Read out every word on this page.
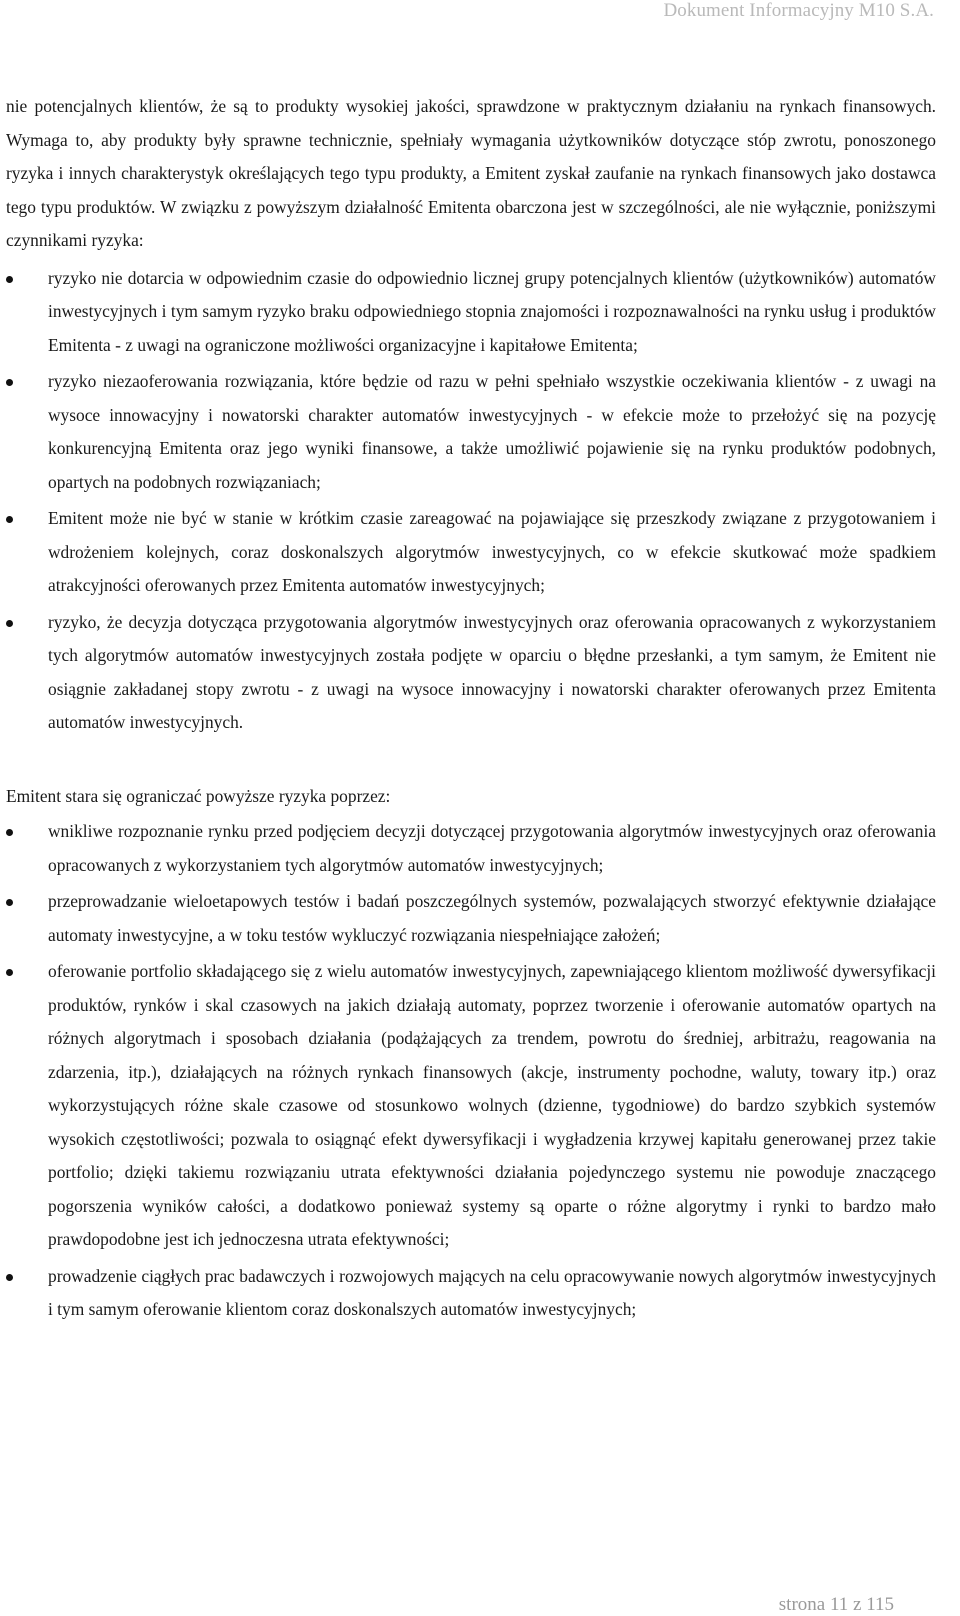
Dokument Informacyjny M10 S.A.

nie potencjalnych klientów, że są to produkty wysokiej jakości, sprawdzone w praktycznym działaniu na rynkach finansowych. Wymaga to, aby produkty były sprawne technicznie, spełniały wymagania użytkowników dotyczące stóp zwrotu, ponoszonego ryzyka i innych charakterystyk określających tego typu produkty, a Emitent zyskał zaufanie na rynkach finansowych jako dostawca tego typu produktów. W związku z powyższym działalność Emitenta obarczona jest w szczególności, ale nie wyłącznie, poniższymi czynnikami ryzyka:

ryzyko nie dotarcia w odpowiednim czasie do odpowiednio licznej grupy potencjalnych klientów (użytkowników) automatów inwestycyjnych i tym samym ryzyko braku odpowiedniego stopnia znajomości i rozpoznawalności na rynku usług i produktów Emitenta - z uwagi na ograniczone możliwości organizacyjne i kapitałowe Emitenta;
ryzyko niezaoferowania rozwiązania, które będzie od razu w pełni spełniało wszystkie oczekiwania klientów - z uwagi na wysoce innowacyjny i nowatorski charakter automatów inwestycyjnych - w efekcie może to przełożyć się na pozycję konkurencyjną Emitenta oraz jego wyniki finansowe, a także umożliwić pojawienie się na rynku produktów podobnych, opartych na podobnych rozwiązaniach;
Emitent może nie być w stanie w krótkim czasie zareagować na pojawiające się przeszkody związane z przygotowaniem i wdrożeniem kolejnych, coraz doskonalszych algorytmów inwestycyjnych, co w efekcie skutkować może spadkiem atrakcyjności oferowanych przez Emitenta automatów inwestycyjnych;
ryzyko, że decyzja dotycząca przygotowania algorytmów inwestycyjnych oraz oferowania opracowanych z wykorzystaniem tych algorytmów automatów inwestycyjnych została podjęte w oparciu o błędne przesłanki, a tym samym, że Emitent nie osiągnie zakładanej stopy zwrotu - z uwagi na wysoce innowacyjny i nowatorski charakter oferowanych przez Emitenta automatów inwestycyjnych.

Emitent stara się ograniczać powyższe ryzyka poprzez:

wnikliwe rozpoznanie rynku przed podjęciem decyzji dotyczącej przygotowania algorytmów inwestycyjnych oraz oferowania opracowanych z wykorzystaniem tych algorytmów automatów inwestycyjnych;
przeprowadzanie wieloetapowych testów i badań poszczególnych systemów, pozwalających stworzyć efektywnie działające automaty inwestycyjne, a w toku testów wykluczyć rozwiązania niespełniające założeń;
oferowanie portfolio składającego się z wielu automatów inwestycyjnych, zapewniającego klientom możliwość dywersyfikacji produktów, rynków i skal czasowych na jakich działają automaty, poprzez tworzenie i oferowanie automatów opartych na różnych algorytmach i sposobach działania (podążających za trendem, powrotu do średniej, arbitrażu, reagowania na zdarzenia, itp.), działających na różnych rynkach finansowych (akcje, instrumenty pochodne, waluty, towary itp.) oraz wykorzystujących różne skale czasowe od stosunkowo wolnych (dzienne, tygodniowe) do bardzo szybkich systemów wysokich częstotliwości; pozwala to osiągnąć efekt dywersyfikacji i wygładzenia krzywej kapitału generowanej przez takie portfolio; dzięki takiemu rozwiązaniu utrata efektywności działania pojedynczego systemu nie powoduje znaczącego pogorszenia wyników całości, a dodatkowo ponieważ systemy są oparte o różne algorytmy i rynki to bardzo mało prawdopodobne jest ich jednoczesna utrata efektywności;
prowadzenie ciągłych prac badawczych i rozwojowych mających na celu opracowywanie nowych algorytmów inwestycyjnych i tym samym oferowanie klientom coraz doskonalszych automatów inwestycyjnych;
strona 11 z 115
